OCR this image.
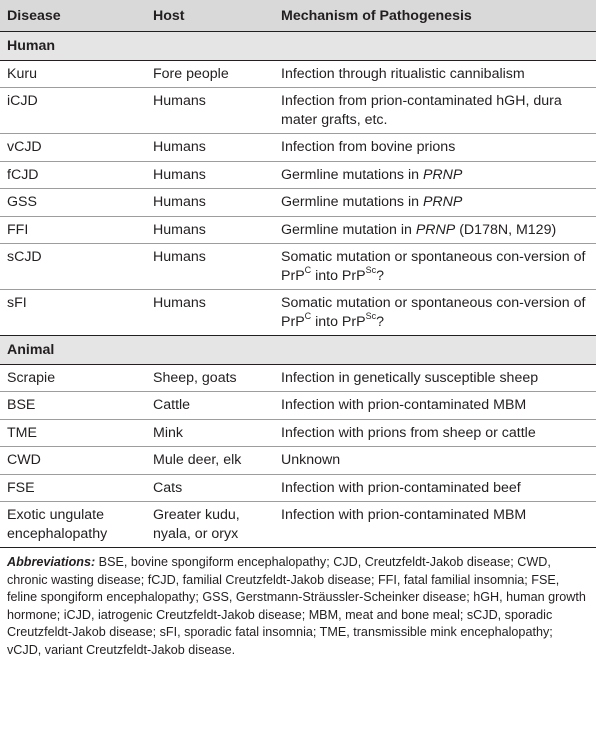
Disease	Host	Mechanism of Pathogenesis
Human		
Kuru	Fore people	Infection through ritualistic cannibalism
iCJD	Humans	Infection from prion-contaminated hGH, dura mater grafts, etc.
vCJD	Humans	Infection from bovine prions
fCJD	Humans	Germline mutations in PRNP
GSS	Humans	Germline mutations in PRNP
FFI	Humans	Germline mutation in PRNP (D178N, M129)
sCJD	Humans	Somatic mutation or spontaneous con-version of PrP$^C$ into PrP$^{Sc}$?
sFI	Humans	Somatic mutation or spontaneous con-version of PrP$^C$ into PrP$^{Sc}$?
Animal		
Scrapie	Sheep, goats	Infection in genetically susceptible sheep
BSE	Cattle	Infection with prion-contaminated MBM
TME	Mink	Infection with prions from sheep or cattle
CWD	Mule deer, elk	Unknown
FSE	Cats	Infection with prion-contaminated beef
Exotic ungulate encephalopathy	Greater kudu, nyala, or oryx	Infection with prion-contaminated MBM
Abbreviations: BSE, bovine spongiform encephalopathy; CJD, Creutzfeldt-Jakob disease; CWD, chronic wasting disease; fCJD, familial Creutzfeldt-Jakob disease; FFI, fatal familial insomnia; FSE, feline spongiform encephalopathy; GSS, Gerstmann-Sträussler-Scheinker disease; hGH, human growth hormone; iCJD, iatrogenic Creutzfeldt-Jakob disease; MBM, meat and bone meal; sCJD, sporadic Creutzfeldt-Jakob disease; sFI, sporadic fatal insomnia; TME, transmissible mink encephalopathy; vCJD, variant Creutzfeldt-Jakob disease.
